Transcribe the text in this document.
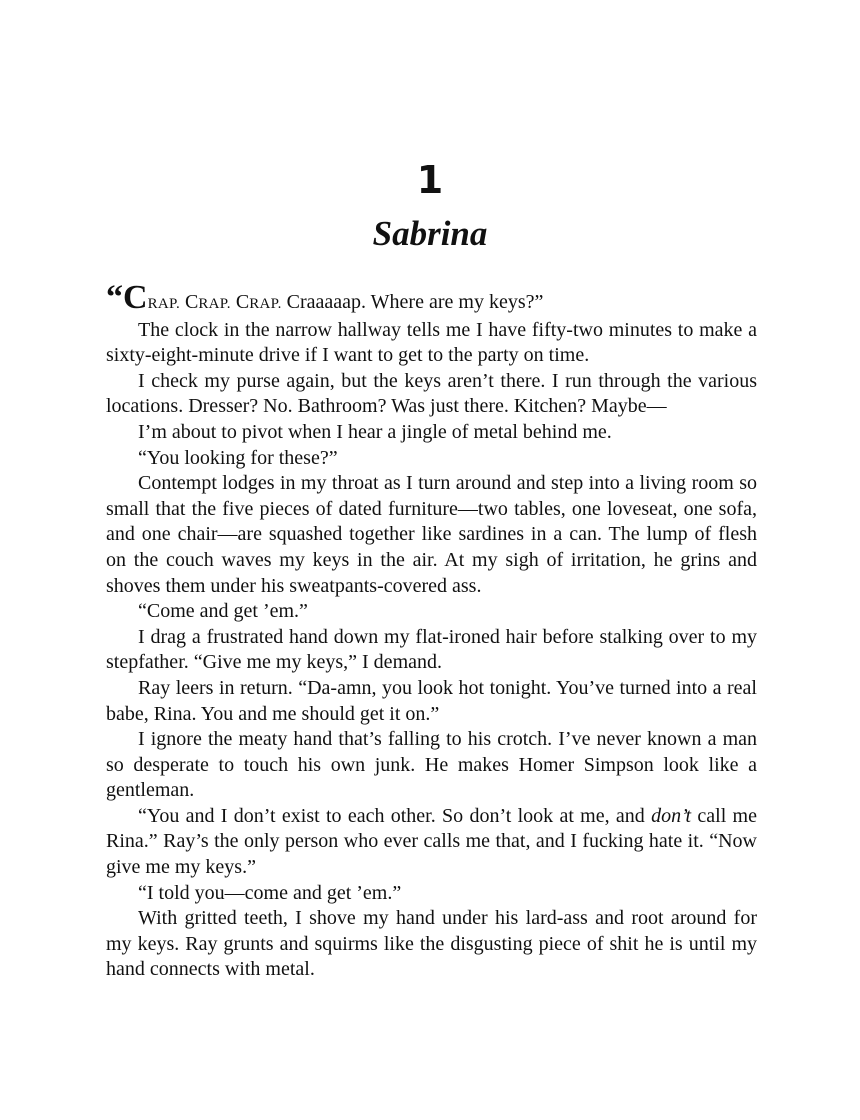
1
Sabrina

“CRAP. CRAP. CRAP. Craaaaap. Where are my keys?”

The clock in the narrow hallway tells me I have fifty-two minutes to make a sixty-eight-minute drive if I want to get to the party on time.

I check my purse again, but the keys aren’t there. I run through the various locations. Dresser? No. Bathroom? Was just there. Kitchen? Maybe—

I’m about to pivot when I hear a jingle of metal behind me.

“You looking for these?”

Contempt lodges in my throat as I turn around and step into a living room so small that the five pieces of dated furniture—two tables, one loveseat, one sofa, and one chair—are squashed together like sardines in a can. The lump of flesh on the couch waves my keys in the air. At my sigh of irritation, he grins and shoves them under his sweatpants-covered ass.

“Come and get ’em.”

I drag a frustrated hand down my flat-ironed hair before stalking over to my stepfather. “Give me my keys,” I demand.

Ray leers in return. “Da-amn, you look hot tonight. You’ve turned into a real babe, Rina. You and me should get it on.”

I ignore the meaty hand that’s falling to his crotch. I’ve never known a man so desperate to touch his own junk. He makes Homer Simpson look like a gentleman.

“You and I don’t exist to each other. So don’t look at me, and don’t call me Rina.” Ray’s the only person who ever calls me that, and I fucking hate it. “Now give me my keys.”

“I told you—come and get ’em.”

With gritted teeth, I shove my hand under his lard-ass and root around for my keys. Ray grunts and squirms like the disgusting piece of shit he is until my hand connects with metal.
